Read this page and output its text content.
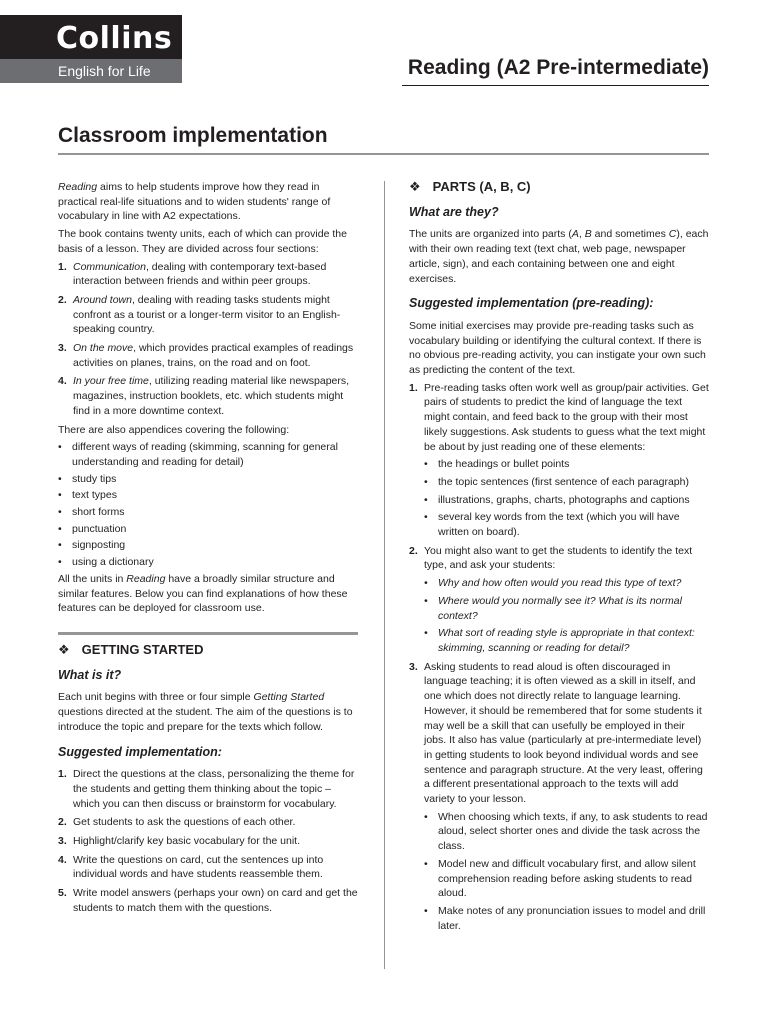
Collins
English for Life	Reading (A2 Pre-intermediate)
Classroom implementation

Reading aims to help students improve how they read in practical real-life situations and to widen students' range of vocabulary in line with A2 expectations.

The book contains twenty units, each of which can provide the basis of a lesson. They are divided across four sections:

1. Communication, dealing with contemporary text-based interaction between friends and within peer groups.
2. Around town, dealing with reading tasks students might confront as a tourist or a longer-term visitor to an English-speaking country.
3. On the move, which provides practical examples of readings activities on planes, trains, on the road and on foot.
4. In your free time, utilizing reading material like newspapers, magazines, instruction booklets, etc. which students might find in a more downtime context.

There are also appendices covering the following:

• different ways of reading (skimming, scanning for general understanding and reading for detail)
• study tips
• text types
• short forms
• punctuation
• signposting
• using a dictionary

All the units in Reading have a broadly similar structure and similar features. Below you can find explanations of how these features can be deployed for classroom use.

❖ GETTING STARTED
What is it?

Each unit begins with three or four simple Getting Started questions directed at the student. The aim of the questions is to introduce the topic and prepare for the texts which follow.

Suggested implementation:
1. Direct the questions at the class, personalizing the theme for the students and getting them thinking about the topic – which you can then discuss or brainstorm for vocabulary.
2. Get students to ask the questions of each other.
3. Highlight/clarify key basic vocabulary for the unit.
4. Write the questions on card, cut the sentences up into individual words and have students reassemble them.
5. Write model answers (perhaps your own) on card and get the students to match them with the questions.
❖ PARTS (A, B, C)
What are they?

The units are organized into parts (A, B and sometimes C), each with their own reading text (text chat, web page, newspaper article, sign), and each containing between one and eight exercises.

Suggested implementation (pre-reading):

Some initial exercises may provide pre-reading tasks such as vocabulary building or identifying the cultural context. If there is no obvious pre-reading activity, you can instigate your own such as predicting the content of the text.

1. Pre-reading tasks often work well as group/pair activities. Get pairs of students to predict the kind of language the text might contain, and feed back to the group with their most likely suggestions. Ask students to guess what the text might be about by just reading one of these elements:
• the headings or bullet points
• the topic sentences (first sentence of each paragraph)
• illustrations, graphs, charts, photographs and captions
• several key words from the text (which you will have written on board).
2. You might also want to get the students to identify the text type, and ask your students:
• Why and how often would you read this type of text?
• Where would you normally see it? What is its normal context?
• What sort of reading style is appropriate in that context: skimming, scanning or reading for detail?
3. Asking students to read aloud is often discouraged in language teaching; it is often viewed as a skill in itself, and one which does not directly relate to language learning. However, it should be remembered that for some students it may well be a skill that can usefully be employed in their jobs. It also has value (particularly at pre-intermediate level) in getting students to look beyond individual words and see sentence and paragraph structure. At the very least, offering a different presentational approach to the texts will add variety to your lesson.
• When choosing which texts, if any, to ask students to read aloud, select shorter ones and divide the task across the class.
• Model new and difficult vocabulary first, and allow silent comprehension reading before asking students to read aloud.
• Make notes of any pronunciation issues to model and drill later.
